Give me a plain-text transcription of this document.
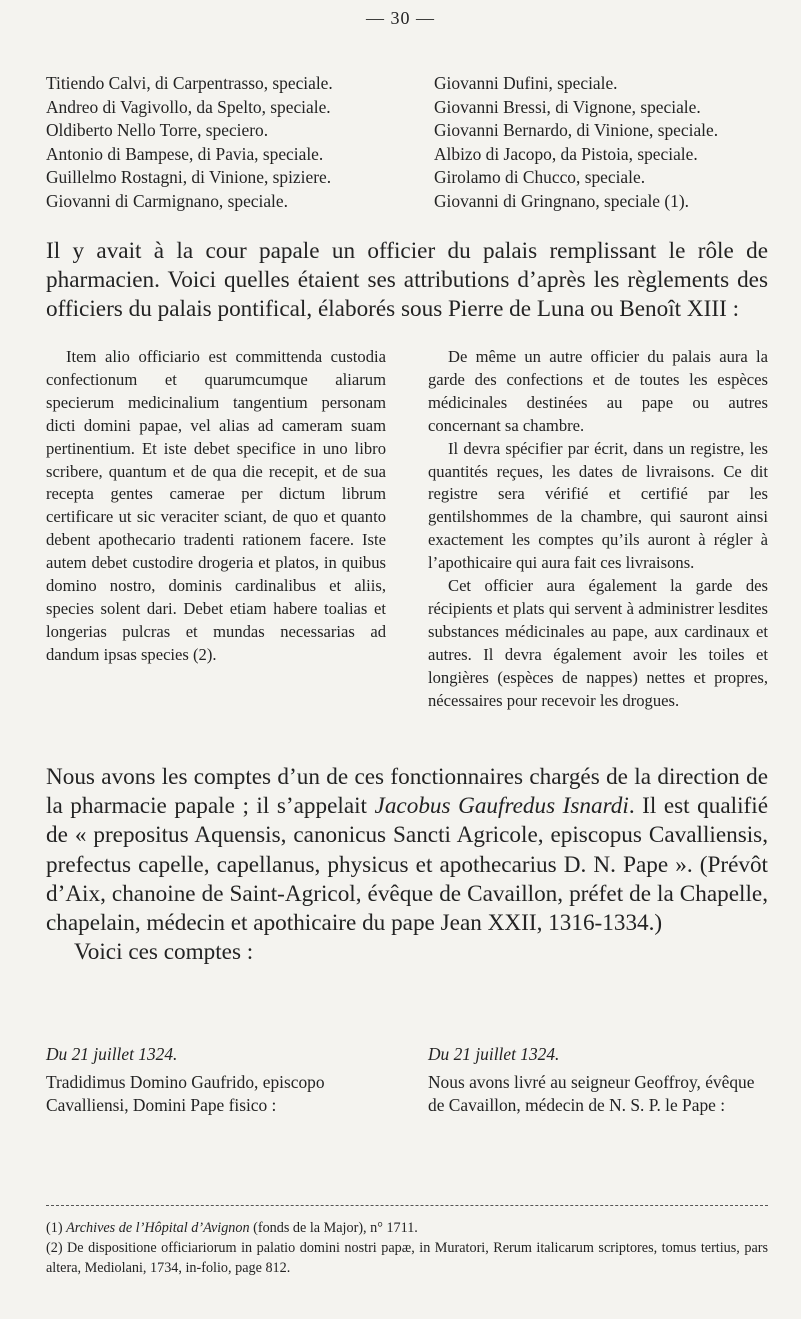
— 30 —
Titiendo Calvi, di Carpentrasso, speciale.
Andreo di Vagivollo, da Spelto, speciale.
Oldiberto Nello Torre, speciero.
Antonio di Bampese, di Pavia, speciale.
Guillelmo Rostagni, di Vinione, spiziere.
Giovanni di Carmignano, speciale.
Giovanni Dufini, speciale.
Giovanni Bressi, di Vignone, speciale.
Giovanni Bernardo, di Vinione, speciale.
Albizo di Jacopo, da Pistoia, speciale.
Girolamo di Chucco, speciale.
Giovanni di Gringnano, speciale (1).

Il y avait à la cour papale un officier du palais remplissant le rôle de pharmacien. Voici quelles étaient ses attributions d’après les règlements des officiers du palais pontifical, élaborés sous Pierre de Luna ou Benoît XIII :

Item alio officiario est committenda custodia confectionum et quarumcumque aliarum specierum medicinalium tangentium personam dicti domini papae, vel alias ad cameram suam pertinentium. Et iste debet specifice in uno libro scribere, quantum et de qua die recepit, et de sua recepta gentes camerae per dictum librum certificare ut sic veraciter sciant, de quo et quanto debent apothecario tradenti rationem facere. Iste autem debet custodire drogeria et platos, in quibus domino nostro, dominis cardinalibus et aliis, species solent dari. Debet etiam habere toalias et longerias pulcras et mundas necessarias ad dandum ipsas species (2).

De même un autre officier du palais aura la garde des confections et de toutes les espèces médicinales destinées au pape ou autres concernant sa chambre.

Il devra spécifier par écrit, dans un registre, les quantités reçues, les dates de livraisons. Ce dit registre sera vérifié et certifié par les gentilshommes de la chambre, qui sauront ainsi exactement les comptes qu’ils auront à régler à l’apothicaire qui aura fait ces livraisons.

Cet officier aura également la garde des récipients et plats qui servent à administrer lesdites substances médicinales au pape, aux cardinaux et autres. Il devra également avoir les toiles et longières (espèces de nappes) nettes et propres, nécessaires pour recevoir les drogues.

Nous avons les comptes d’un de ces fonctionnaires chargés de la direction de la pharmacie papale ; il s’appelait Jacobus Gaufredus Isnardi. Il est qualifié de « prepositus Aquensis, canonicus Sancti Agricole, episcopus Cavalliensis, prefectus capelle, capellanus, physicus et apothecarius D. N. Pape ». (Prévôt d’Aix, chanoine de Saint-Agricol, évêque de Cavaillon, préfet de la Chapelle, chapelain, médecin et apothicaire du pape Jean XXII, 1316-1334.)
Voici ces comptes :

Du 21 juillet 1324.
Tradidimus Domino Gaufrido, episcopo Cavalliensi, Domini Pape fisico :
Du 21 juillet 1324.
Nous avons livré au seigneur Geoffroy, évêque de Cavaillon, médecin de N. S. P. le Pape :

(1) Archives de l’Hôpital d’Avignon (fonds de la Major), n° 1711.

(2) De dispositione officiariorum in palatio domini nostri papæ, in Muratori, Rerum italicarum scriptores, tomus tertius, pars altera, Mediolani, 1734, in-folio, page 812.
